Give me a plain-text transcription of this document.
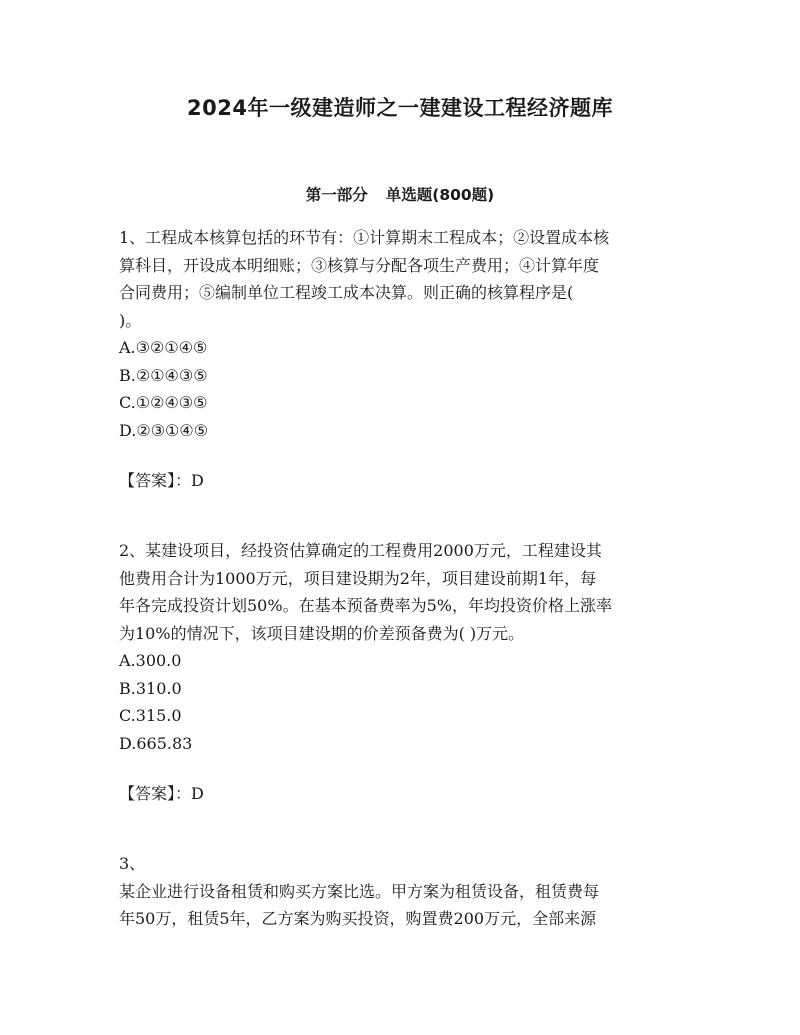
2024年一级建造师之一建建设工程经济题库
第一部分 单选题(800题)
1、工程成本核算包括的环节有：①计算期末工程成本；②设置成本核
算科目，开设成本明细账；③核算与分配各项生产费用；④计算年度
合同费用；⑤编制单位工程竣工成本决算。则正确的核算程序是(
)。
A.③②①④⑤
B.②①④③⑤
C.①②④③⑤
D.②③①④⑤
【答案】：D
2、某建设项目，经投资估算确定的工程费用2000万元，工程建设其
他费用合计为1000万元，项目建设期为2年，项目建设前期1年，每
年各完成投资计划50%。在基本预备费率为5%，年均投资价格上涨率
为10%的情况下，该项目建设期的价差预备费为( )万元。
A.300.0
B.310.0
C.315.0
D.665.83
【答案】：D
3、
某企业进行设备租赁和购买方案比选。甲方案为租赁设备，租赁费每
年50万，租赁5年，乙方案为购买投资，购置费200万元，全部来源
